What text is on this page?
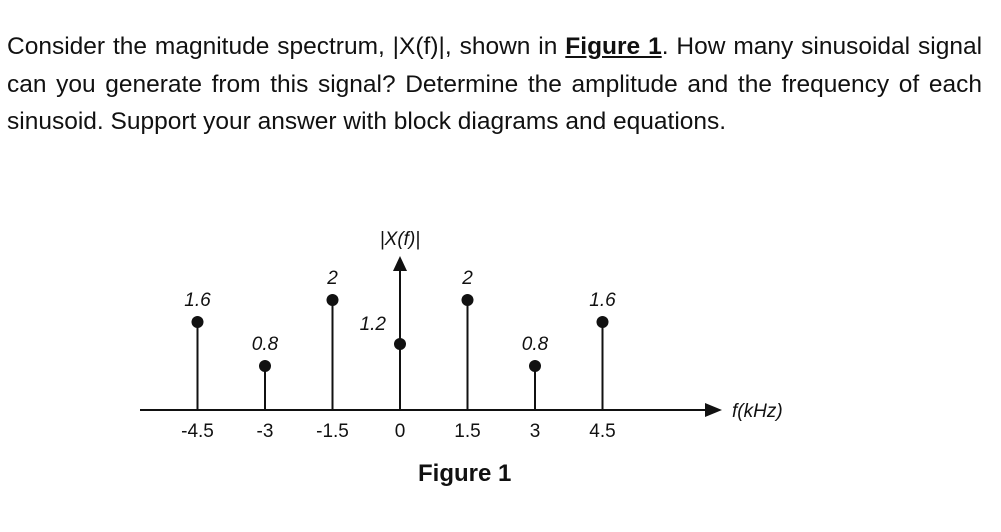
Consider the magnitude spectrum, |X(f)|, shown in Figure 1. How many sinusoidal signal can you generate from this signal? Determine the amplitude and the frequency of each sinusoid. Support your answer with block diagrams and equations.
|X(f)|
f(kHz)
1.6
0.8
2
1.2
2
0.8
1.6
-4.5 -3 -1.5 0	1.5	3	4.5
Figure 1
